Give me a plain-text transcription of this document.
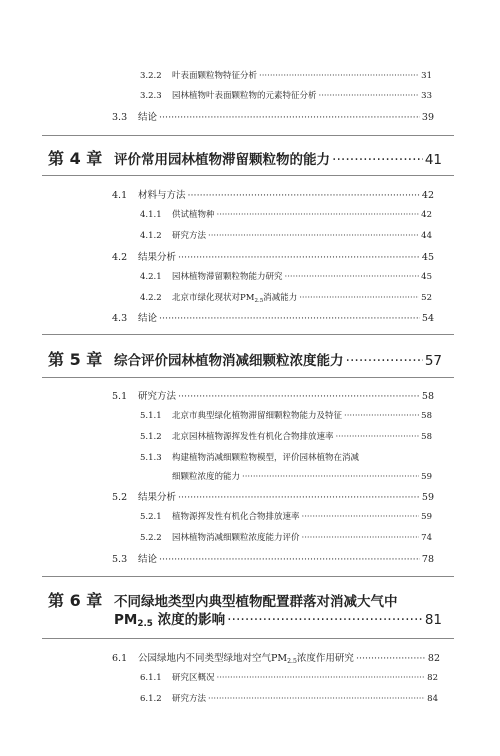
3.2.2	叶表面颗粒物特征分析 ·····	31
3.2.3	园林植物叶表面颗粒物的元素特征分析 ·····	33
3.3	结论 ·····	39
第 4 章 评价常用园林植物滞留颗粒物的能力 ·····	41
4.1	材料与方法 ·····	42
4.1.1	供试植物种 ·····	42
4.1.2	研究方法 ·····	44
4.2	结果分析 ·····	45
4.2.1	园林植物滞留颗粒物能力研究 ·····	45
4.2.2	北京市绿化现状对$PM_{2.5}$消减能力 ·····	52
4.3	结论 ·····	54
第 5 章 综合评价园林植物消减细颗粒浓度能力 ·····	57
5.1	研究方法 ·····	58
5.1.1	北京市典型绿化植物滞留细颗粒物能力及特征 ·····	58
5.1.2	北京园林植物源挥发性有机化合物排放速率 ·····	58
5.1.3 构建植物消减细颗粒物模型，评价园林植物在消减
细颗粒浓度的能力 ·····	59
5.2	结果分析 ·····	59
5.2.1	植物源挥发性有机化合物排放速率 ·····	59
5.2.2	园林植物消减细颗粒浓度能力评价 ·····	74
5.3	结论 ·····	78
第 6 章 不同绿地类型内典型植物配置群落对消减大气中
$PM_{2.5}$ 浓度的影响 ·····	81
6.1	公园绿地内不同类型绿地对空气$PM_{2.5}$浓度作用研究 ·····	82
6.1.1	研究区概况 ·····	82
6.1.2	研究方法 ·····	84
